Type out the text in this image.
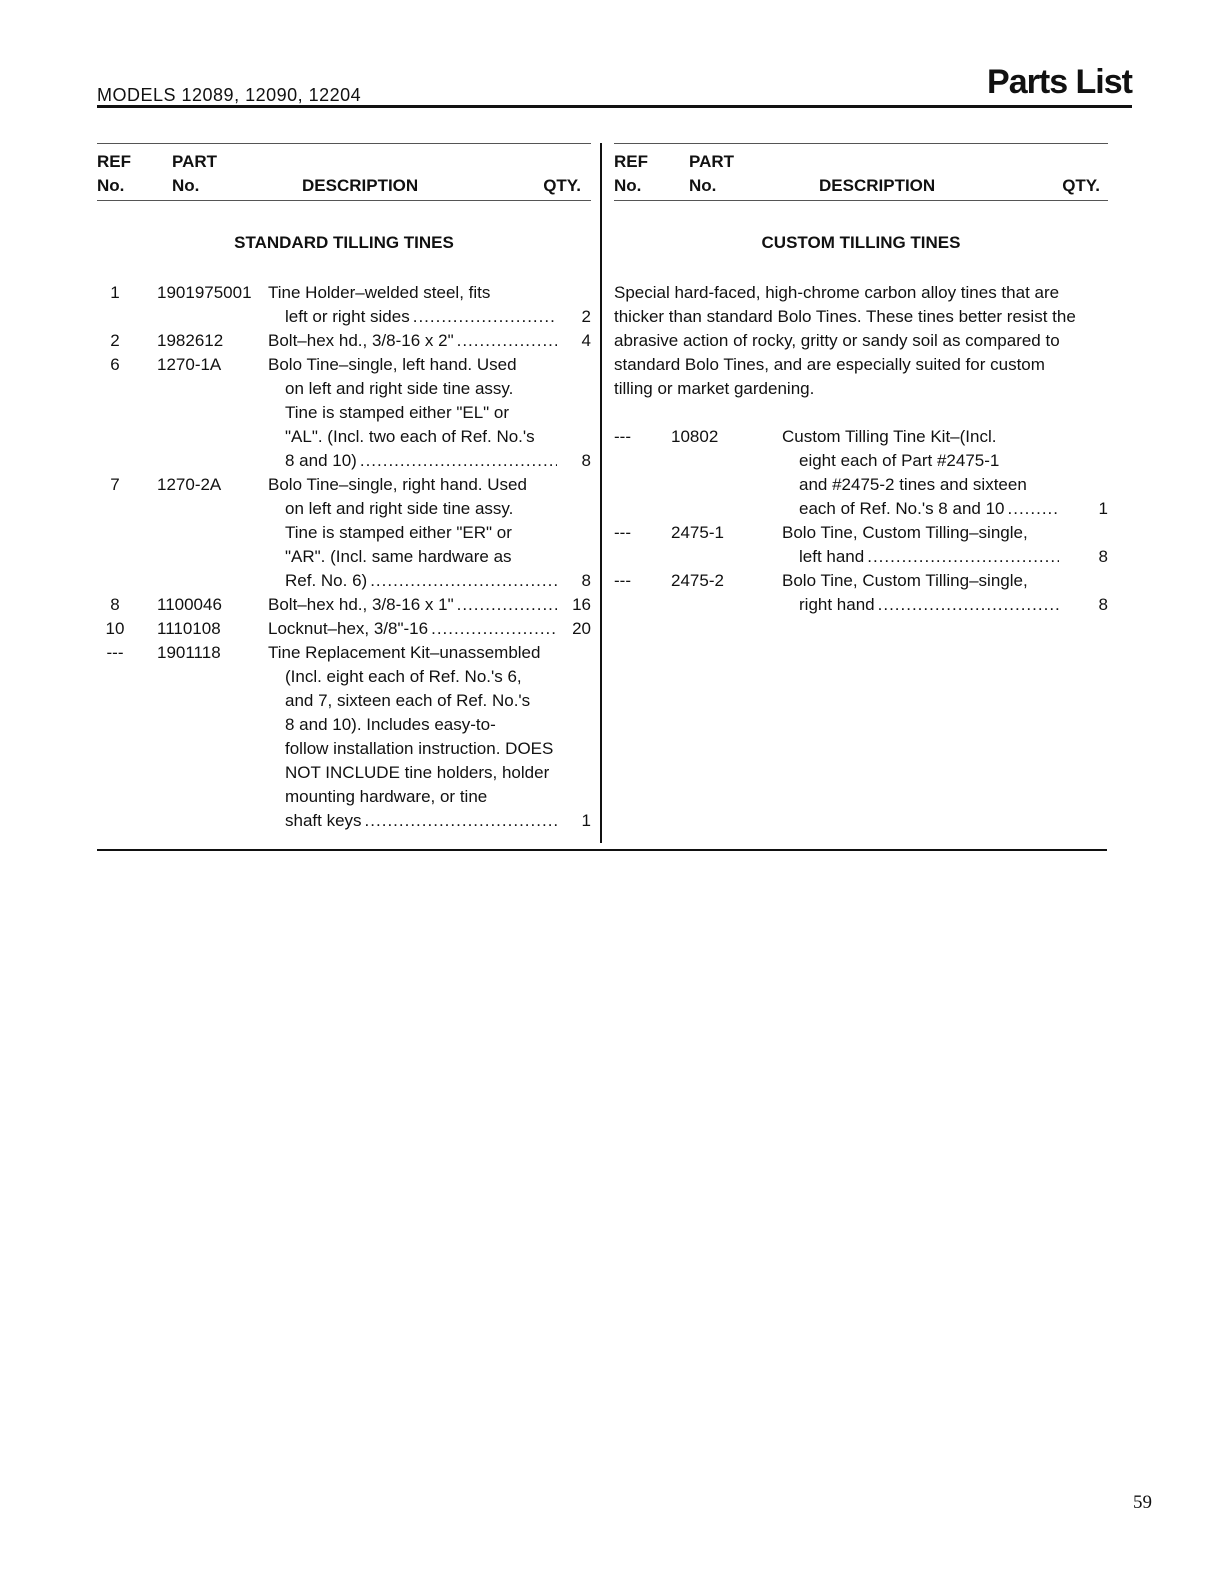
MODELS 12089, 12090, 12204	Parts List
REF
No.
PART
No.	DESCRIPTION	QTY.
STANDARD TILLING TINES
1	1901975001 Tine Holder–welded steel, fits
left or right sides .....	2
2	1982612	Bolt–hex hd., 3/8-16 x 2" .....	4
6	1270-1A	Bolo Tine–single, left hand. Used
on left and right side tine assy.
Tine is stamped either "EL" or
"AL". (Incl. two each of Ref. No.'s
8 and 10) .....	8
7	1270-2A	Bolo Tine–single, right hand. Used
on left and right side tine assy.
Tine is stamped either "ER" or
"AR". (Incl. same hardware as
Ref. No. 6) .....	8
8	1100046	Bolt–hex hd., 3/8-16 x 1" .....	16
10	1110108	Locknut–hex, 3/8"-16 .....	20
---	1901118	Tine Replacement Kit–unassembled
(Incl. eight each of Ref. No.'s 6,
and 7, sixteen each of Ref. No.'s
8 and 10). Includes easy-to-
follow installation instruction. DOES
NOT INCLUDE tine holders, holder
mounting hardware, or tine
shaft keys .....	1
REF
No.
PART
No.	DESCRIPTION	QTY.
CUSTOM TILLING TINES
Special hard-faced, high-chrome carbon alloy tines that are
thicker than standard Bolo Tines. These tines better resist the
abrasive action of rocky, gritty or sandy soil as compared to
standard Bolo Tines, and are especially suited for custom
tilling or market gardening.
---	10802	Custom Tilling Tine Kit–(Incl.
eight each of Part #2475-1
and #2475-2 tines and sixteen
each of Ref. No.'s 8 and 10 .....	1
---	2475-1	Bolo Tine, Custom Tilling–single,
left hand .....	8
---	2475-2	Bolo Tine, Custom Tilling–single,
right hand .....	8
59
